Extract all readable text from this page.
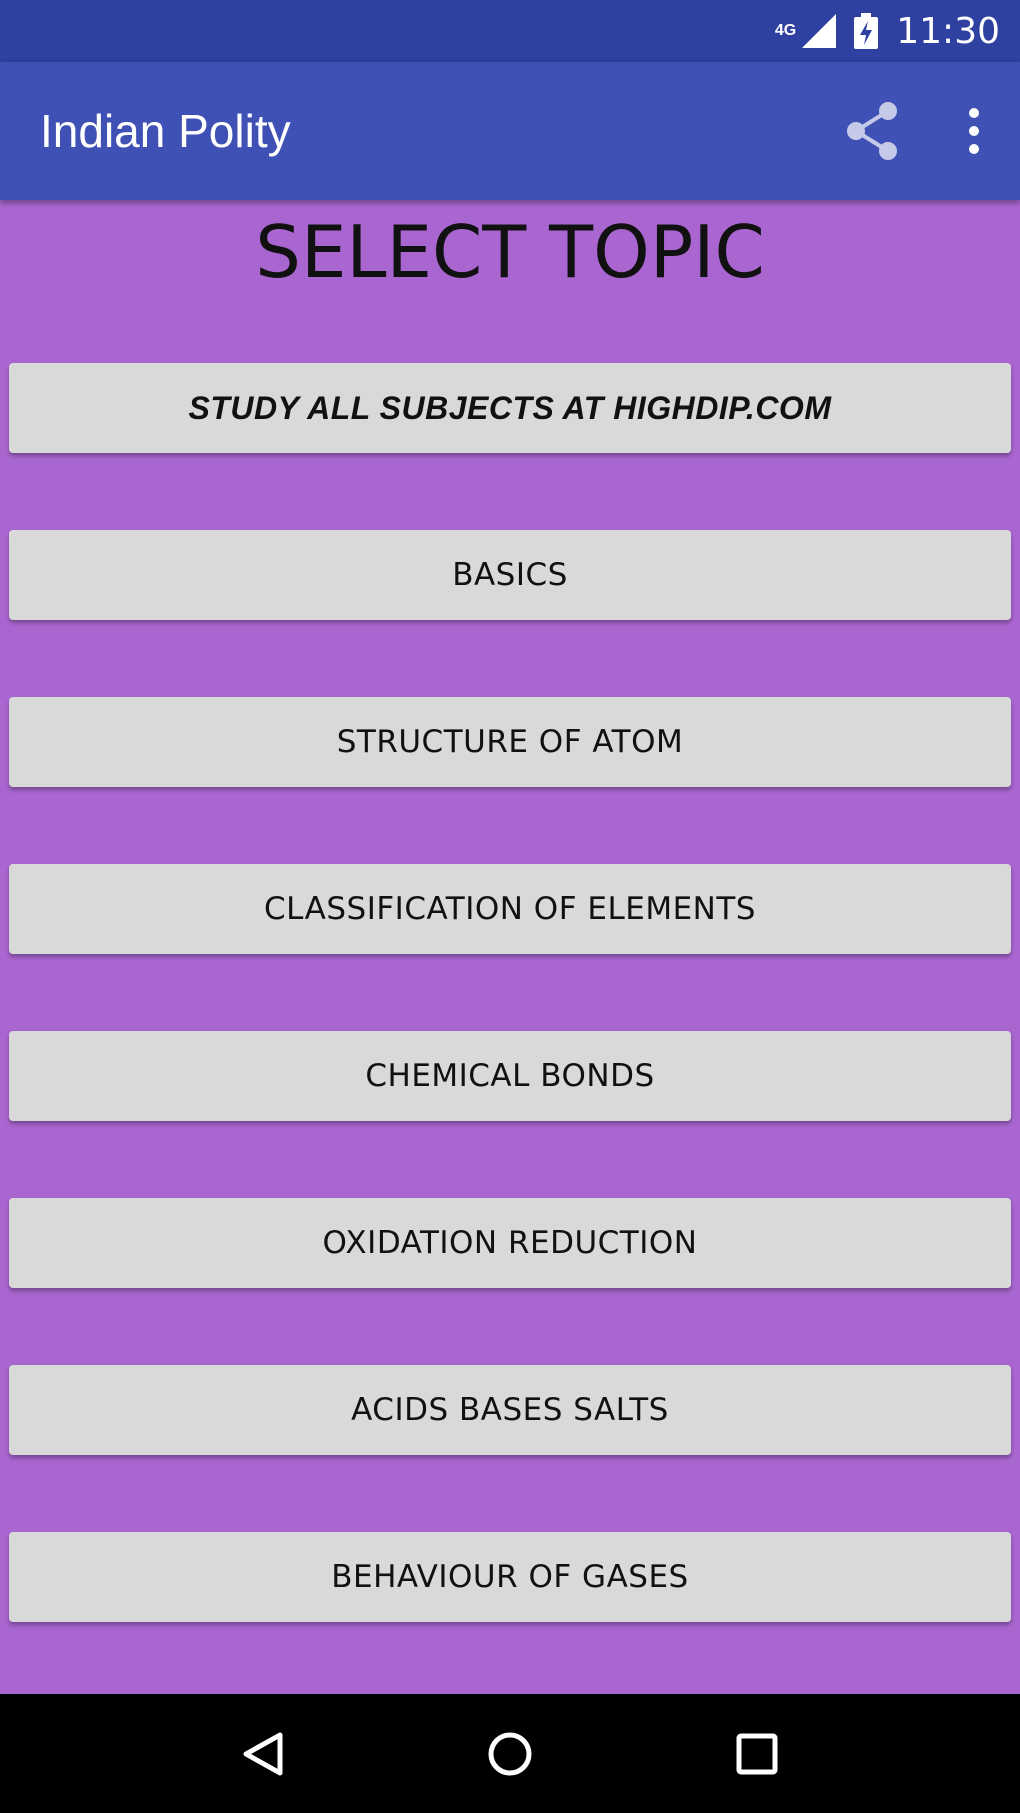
4G	11:30
Indian Polity
SELECT TOPIC
STUDY ALL SUBJECTS AT HIGHDIP.COM
BASICS
STRUCTURE OF ATOM
CLASSIFICATION OF ELEMENTS
CHEMICAL BONDS
OXIDATION REDUCTION
ACIDS BASES SALTS
BEHAVIOUR OF GASES
